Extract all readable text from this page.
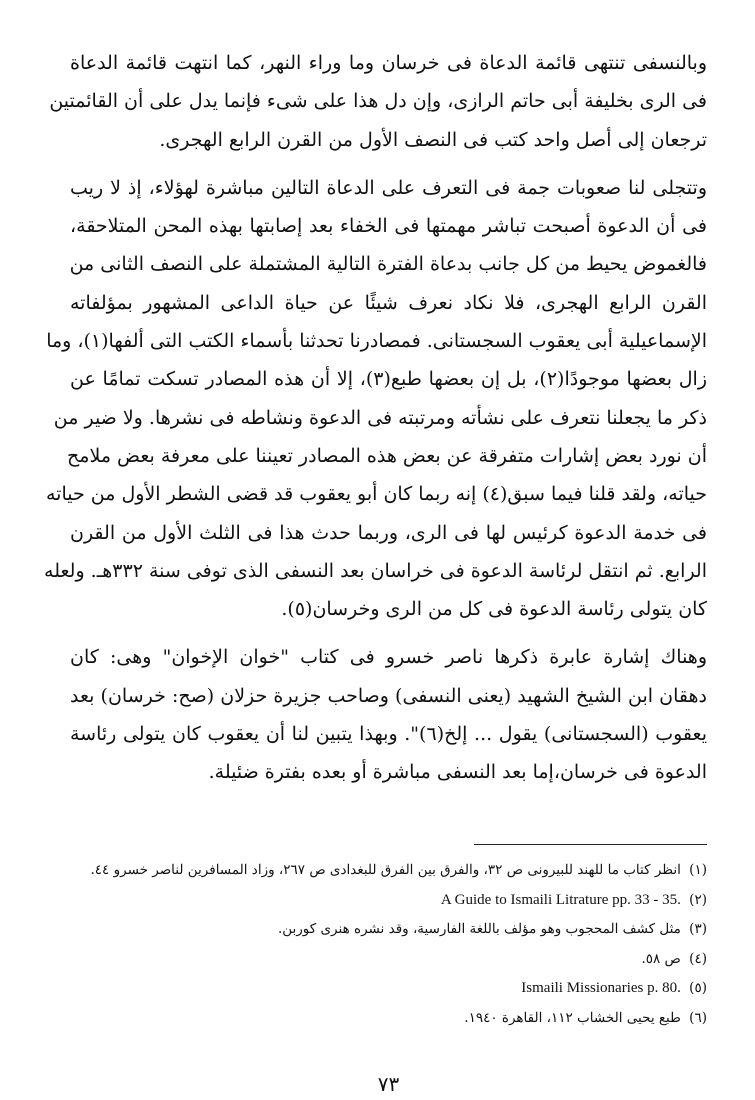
وبالنسفى تنتهى قائمة الدعاة فى خرسان وما وراء النهر، كما انتهت قائمة الدعاة
فى الرى بخليفة أبى حاتم الرازى، وإن دل هذا على شىء فإنما يدل على أن القائمتين
ترجعان إلى أصل واحد كتب فى النصف الأول من القرن الرابع الهجرى.

وتتجلى لنا صعوبات جمة فى التعرف على الدعاة التالين مباشرة لهؤلاء، إذ لا ريب
فى أن الدعوة أصبحت تباشر مهمتها فى الخفاء بعد إصابتها بهذه المحن المتلاحقة،
فالغموض يحيط من كل جانب بدعاة الفترة التالية المشتملة على النصف الثانى من
القرن الرابع الهجرى، فلا نكاد نعرف شيئًا عن حياة الداعى المشهور بمؤلفاته
الإسماعيلية أبى يعقوب السجستانى. فمصادرنا تحدثنا بأسماء الكتب التى ألفها(١)، وما
زال بعضها موجودًا(٢)، بل إن بعضها طبع(٣)، إلا أن هذه المصادر تسكت تمامًا عن
ذكر ما يجعلنا نتعرف على نشأته ومرتبته فى الدعوة ونشاطه فى نشرها. ولا ضير من
أن نورد بعض إشارات متفرقة عن بعض هذه المصادر تعيننا على معرفة بعض ملامح
حياته، ولقد قلنا فيما سبق(٤) إنه ربما كان أبو يعقوب قد قضى الشطر الأول من حياته
فى خدمة الدعوة كرئيس لها فى الرى، وربما حدث هذا فى الثلث الأول من القرن
الرابع. ثم انتقل لرئاسة الدعوة فى خراسان بعد النسفى الذى توفى سنة ٣٣٢هـ. ولعله
كان يتولى رئاسة الدعوة فى كل من الرى وخرسان(٥).

وهناك إشارة عابرة ذكرها ناصر خسرو فى كتاب "خوان الإخوان" وهى: كان
دهقان ابن الشيخ الشهيد (يعنى النسفى) وصاحب جزيرة حزلان (صح: خرسان) بعد
يعقوب (السجستانى) يقول ... إلخ(٦)". وبهذا يتبين لنا أن يعقوب كان يتولى رئاسة
الدعوة فى خرسان،إما بعد النسفى مباشرة أو بعده بفترة ضئيلة.

(١) انظر كتاب ما للهند للبيرونى ص ٣٢، والفرق بين الفرق للبغدادى ص ٢٦٧، وزاد المسافرين لناصر خسرو ٤٤.
(٢) A Guide to Ismaili Litrature pp. 33 - 35.
(٣) مثل كشف المحجوب وهو مؤلف باللغة الفارسية، وقد نشره هنرى كوربن.
(٤) ص ٥٨.
(٥) Ismaili Missionaries p. 80.
(٦) طبع يحيى الخشاب ١١٢، القاهرة ١٩٤٠.
٧٣
